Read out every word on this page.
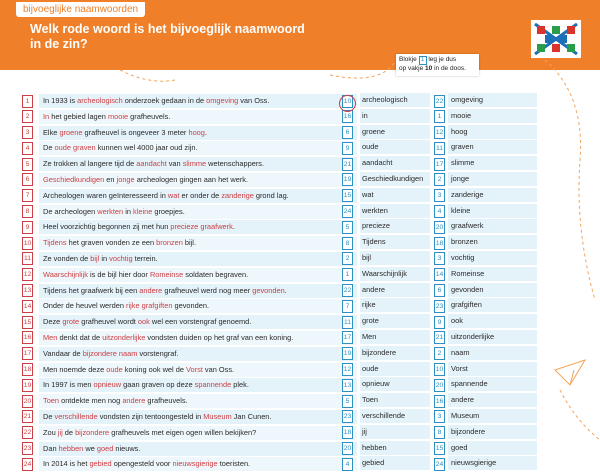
bijvoeglijke naamwoorden
Welk rode woord is het bijvoeglijk naamwoord
in de zin?
Blokje 1 leg je dus
op vakje 10 in de doos.
1	In 1933 is archeologisch onderzoek gedaan in de omgeving van Oss.	10 archeologisch	22	omgeving
2	In het gebied lagen mooie grafheuvels.	16 in	1	mooie
3	Elke groene grafheuvel is ongeveer 3 meter hoog.	6	groene	12	hoog
4	De oude graven kunnen wel 4000 jaar oud zijn.	9	oude	11	graven
5	Ze trokken al langere tijd de aandacht van slimme wetenschappers.	21 aandacht	17	slimme
6	Geschiedkundigen en jonge archeologen gingen aan het werk.	19 Geschiedkundigen	2	jonge
7	Archeologen waren geïnteresseerd in wat er onder de zanderige grond lag.	15 wat	3	zanderige
8	De archeologen werkten in kleine groepjes.	24 werkten	4	kleine
9	Heel voorzichtig begonnen zij met hun precieze graafwerk.	5	precieze	20	graafwerk
10 Tijdens het graven vonden ze een bronzen bijl.	8	Tijdens	18	bronzen
11 Ze vonden de bijl in vochtig terrein.	2	bijl	3	vochtig
12 Waarschijnlijk is de bijl hier door Romeinse soldaten begraven.	1	Waarschijnlijk	14	Romeinse
13 Tijdens het graafwerk bij een andere grafheuvel werd nog meer gevonden.	22 andere	6	gevonden
14 Onder de heuvel werden rijke grafgiften gevonden.	7	rijke	23	grafgiften
15 Deze grote grafheuvel wordt ook wel een vorstengraf genoemd.	11 grote	9	ook
16 Men denkt dat de uitzonderlijke vondsten duiden op het graf van een koning.	17 Men	21	uitzonderlijke
17 Vandaar de bijzondere naam vorstengraf.	19 bijzondere	2	naam
18 Men noemde deze oude koning ook wel de Vorst van Oss.	12 oude	10	Vorst
19 In 1997 is men opnieuw gaan graven op deze spannende plek.	13 opnieuw	20	spannende
20 Toen ontdekte men nog andere grafheuvels.	5	Toen	16	andere
21 De verschillende vondsten zijn tentoongesteld in Museum Jan Cunen.	23 verschillende	3	Museum
22 Zou jij de bijzondere grafheuvels met eigen ogen willen bekijken?	18 jij	8	bijzondere
23 Dan hebben we goed nieuws.	20 hebben	15	goed
24 In 2014 is het gebied opengesteld voor nieuwsgierige toeristen.	4	gebied	24	nieuwsgierige
